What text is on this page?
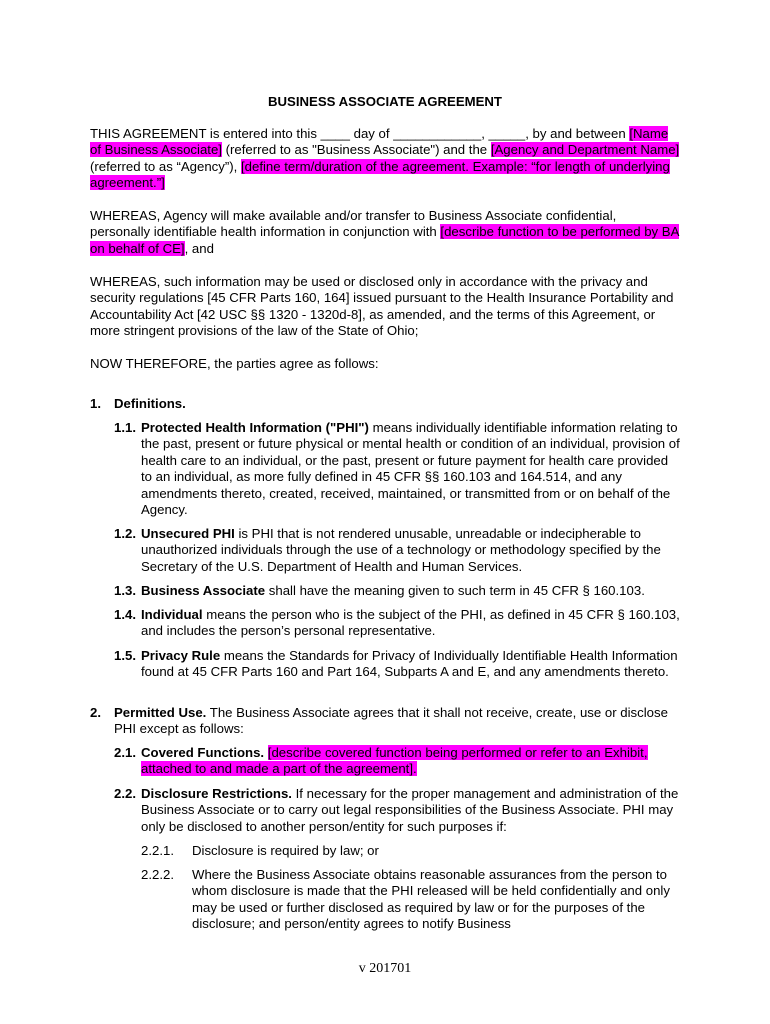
BUSINESS ASSOCIATE AGREEMENT

THIS AGREEMENT is entered into this ____ day of ____________, _____, by and between [Name of Business Associate] (referred to as "Business Associate") and the [Agency and Department Name] (referred to as “Agency”), [define term/duration of the agreement. Example: “for length of underlying agreement.”]

WHEREAS, Agency will make available and/or transfer to Business Associate confidential, personally identifiable health information in conjunction with [describe function to be performed by BA on behalf of CE], and

WHEREAS, such information may be used or disclosed only in accordance with the privacy and security regulations [45 CFR Parts 160, 164] issued pursuant to the Health Insurance Portability and Accountability Act [42 USC §§ 1320 - 1320d-8], as amended, and the terms of this Agreement, or more stringent provisions of the law of the State of Ohio;

NOW THEREFORE, the parties agree as follows:

1. Definitions.
1.1. Protected Health Information ("PHI") means individually identifiable information relating to the past, present or future physical or mental health or condition of an individual, provision of health care to an individual, or the past, present or future payment for health care provided to an individual, as more fully defined in 45 CFR §§ 160.103 and 164.514, and any amendments thereto, created, received, maintained, or transmitted from or on behalf of the Agency.
1.2. Unsecured PHI is PHI that is not rendered unusable, unreadable or indecipherable to unauthorized individuals through the use of a technology or methodology specified by the Secretary of the U.S. Department of Health and Human Services.
1.3. Business Associate shall have the meaning given to such term in 45 CFR § 160.103.
1.4. Individual means the person who is the subject of the PHI, as defined in 45 CFR § 160.103, and includes the person’s personal representative.
1.5. Privacy Rule means the Standards for Privacy of Individually Identifiable Health Information found at 45 CFR Parts 160 and Part 164, Subparts A and E, and any amendments thereto.
2. Permitted Use. The Business Associate agrees that it shall not receive, create, use or disclose PHI except as follows:
2.1. Covered Functions. [describe covered function being performed or refer to an Exhibit, attached to and made a part of the agreement].
2.2. Disclosure Restrictions. If necessary for the proper management and administration of the Business Associate or to carry out legal responsibilities of the Business Associate. PHI may only be disclosed to another person/entity for such purposes if:
2.2.1. Disclosure is required by law; or
2.2.2. Where the Business Associate obtains reasonable assurances from the person to whom disclosure is made that the PHI released will be held confidentially and only may be used or further disclosed as required by law or for the purposes of the disclosure; and person/entity agrees to notify Business
v 201701
